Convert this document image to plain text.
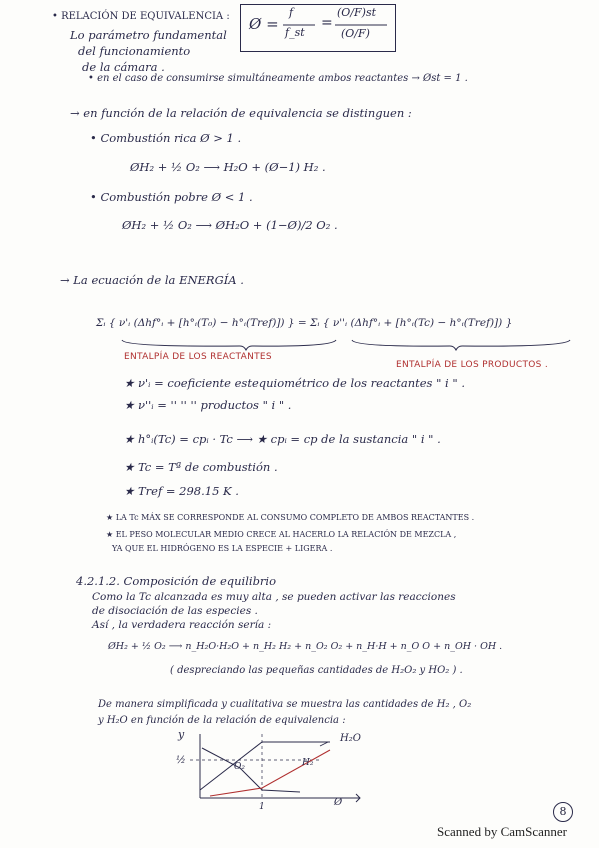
• RELACIÓN DE EQUIVALENCIA :
Lo parámetro fundamental
del funcionamiento
de la cámara .
Ø =
f
f_st
=
(O/F)st
(O/F)
• en el caso de consumirse simultáneamente ambos reactantes → Øst = 1 .
→ en función de la relación de equivalencia se distinguen :
• Combustión rica Ø > 1 .
ØH₂ + ½ O₂ ⟶ H₂O + (Ø−1) H₂ .
• Combustión pobre Ø < 1 .
ØH₂ + ½ O₂ ⟶ ØH₂O + (1−Ø)/2 O₂ .
→ La ecuación de la ENERGÍA .
Σᵢ { ν'ᵢ (Δhf°ᵢ + [h°ᵢ(T₀) − h°ᵢ(Tref)]) } = Σᵢ { ν''ᵢ (Δhf°ᵢ + [h°ᵢ(Tc) − h°ᵢ(Tref)]) }
ENTALPÍA DE LOS REACTANTES
ENTALPÍA DE LOS PRODUCTOS .
★ ν'ᵢ = coeficiente estequiométrico de los reactantes " i " .
★ ν''ᵢ = '' '' '' productos " i " .
★ h°ᵢ(Tc) = cpᵢ · Tc ⟶ ★ cpᵢ = cp de la sustancia " i " .
★ Tc = Tª de combustión .
★ Tref = 298.15 K .
★ LA Tc MÁX SE CORRESPONDE AL CONSUMO COMPLETO DE AMBOS REACTANTES .
★ EL PESO MOLECULAR MEDIO CRECE AL HACERLO LA RELACIÓN DE MEZCLA ,
YA QUE EL HIDRÓGENO ES LA ESPECIE + LIGERA .
4.2.1.2. Composición de equilibrio
Como la Tc alcanzada es muy alta , se pueden activar las reacciones
de disociación de las especies .
Así , la verdadera reacción sería :
ØH₂ + ½ O₂ ⟶ n_H₂O·H₂O + n_H₂ H₂ + n_O₂ O₂ + n_H·H + n_O O + n_OH · OH .
( despreciando las pequeñas cantidades de H₂O₂ y HO₂ ) .
De manera simplificada y cualitativa se muestra las cantidades de H₂ , O₂
y H₂O en función de la relación de equivalencia :
y
½
H₂O
O₂	H₂
1	Ø
8
Scanned by CamScanner
